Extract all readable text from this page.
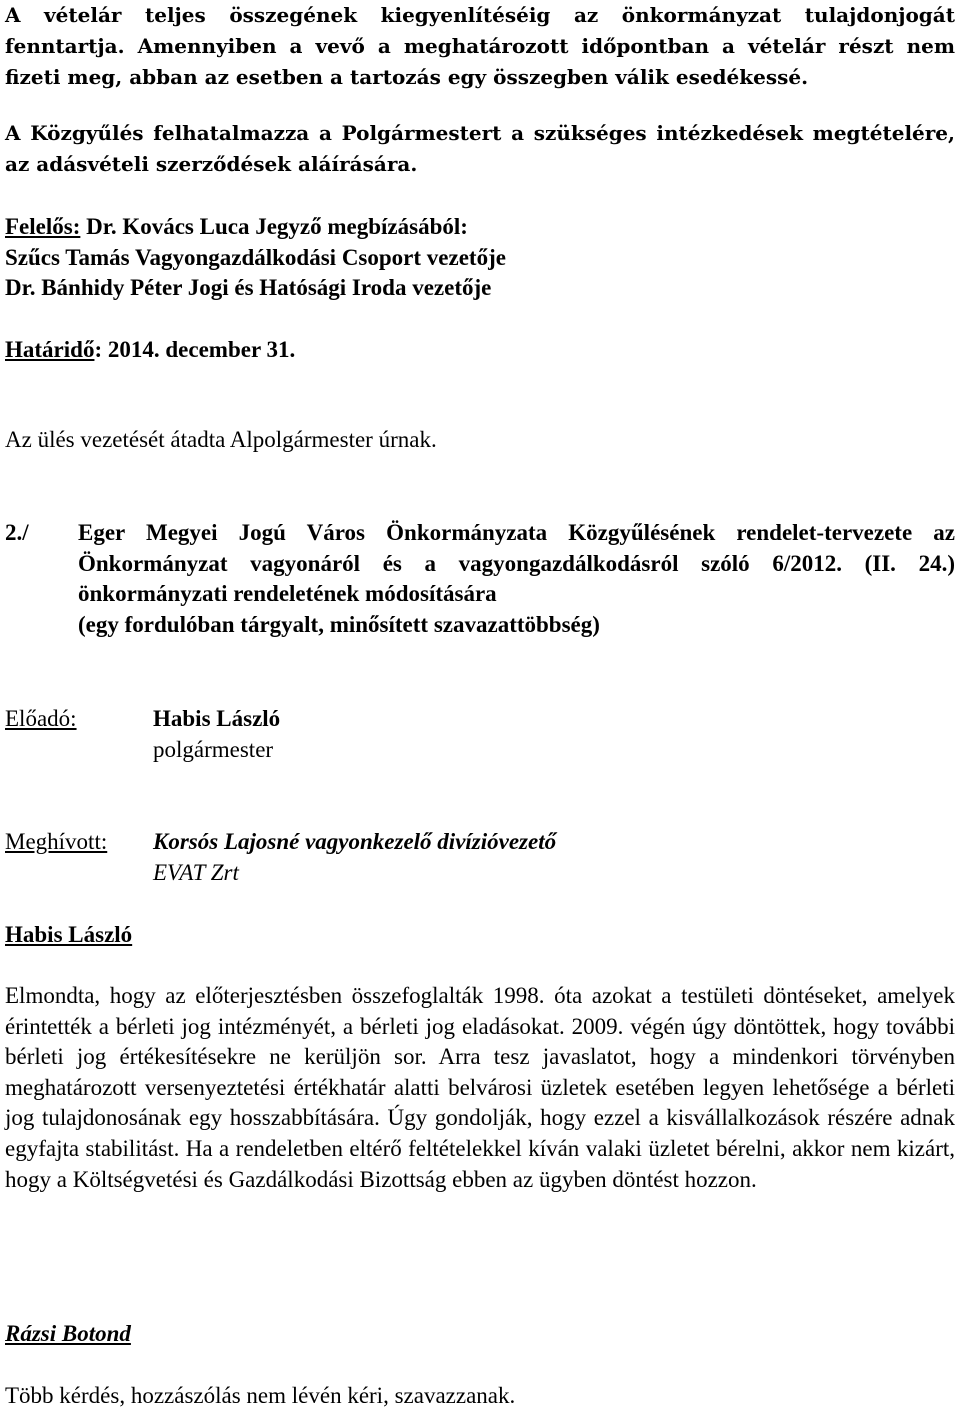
A vételár teljes összegének kiegyenlítéséig az önkormányzat tulajdonjogát fenntartja. Amennyiben a vevő a meghatározott időpontban a vételár részt nem fizeti meg, abban az esetben a tartozás egy összegben válik esedékessé.

A Közgyűlés felhatalmazza a Polgármestert a szükséges intézkedések megtételére, az adásvételi szerződések aláírására.

Felelős: Dr. Kovács Luca Jegyző megbízásából:
Szűcs Tamás Vagyongazdálkodási Csoport vezetője
Dr. Bánhidy Péter Jogi és Hatósági Iroda vezetője
Határidő: 2014. december 31.
Az ülés vezetését átadta Alpolgármester úrnak.
2./ Eger Megyei Jogú Város Önkormányzata Közgyűlésének rendelet-tervezete az Önkormányzat vagyonáról és a vagyongazdálkodásról szóló 6/2012. (II. 24.) önkormányzati rendeletének módosítására
(egy fordulóban tárgyalt, minősített szavazattöbbség)
Előadó:	Habis László
polgármester
Meghívott: Korsós Lajosné vagyonkezelő divízióvezető
EVAT Zrt
Habis László

Elmondta, hogy az előterjesztésben összefoglalták 1998. óta azokat a testületi döntéseket, amelyek érintették a bérleti jog intézményét, a bérleti jog eladásokat. 2009. végén úgy döntöttek, hogy további bérleti jog értékesítésekre ne kerüljön sor. Arra tesz javaslatot, hogy a mindenkori törvényben meghatározott versenyeztetési értékhatár alatti belvárosi üzletek esetében legyen lehetősége a bérleti jog tulajdonosának egy hosszabbítására. Úgy gondolják, hogy ezzel a kisvállalkozások részére adnak egyfajta stabilitást. Ha a rendeletben eltérő feltételekkel kíván valaki üzletet bérelni, akkor nem kizárt, hogy a Költségvetési és Gazdálkodási Bizottság ebben az ügyben döntést hozzon.

Rázsi Botond
Több kérdés, hozzászólás nem lévén kéri, szavazzanak.
